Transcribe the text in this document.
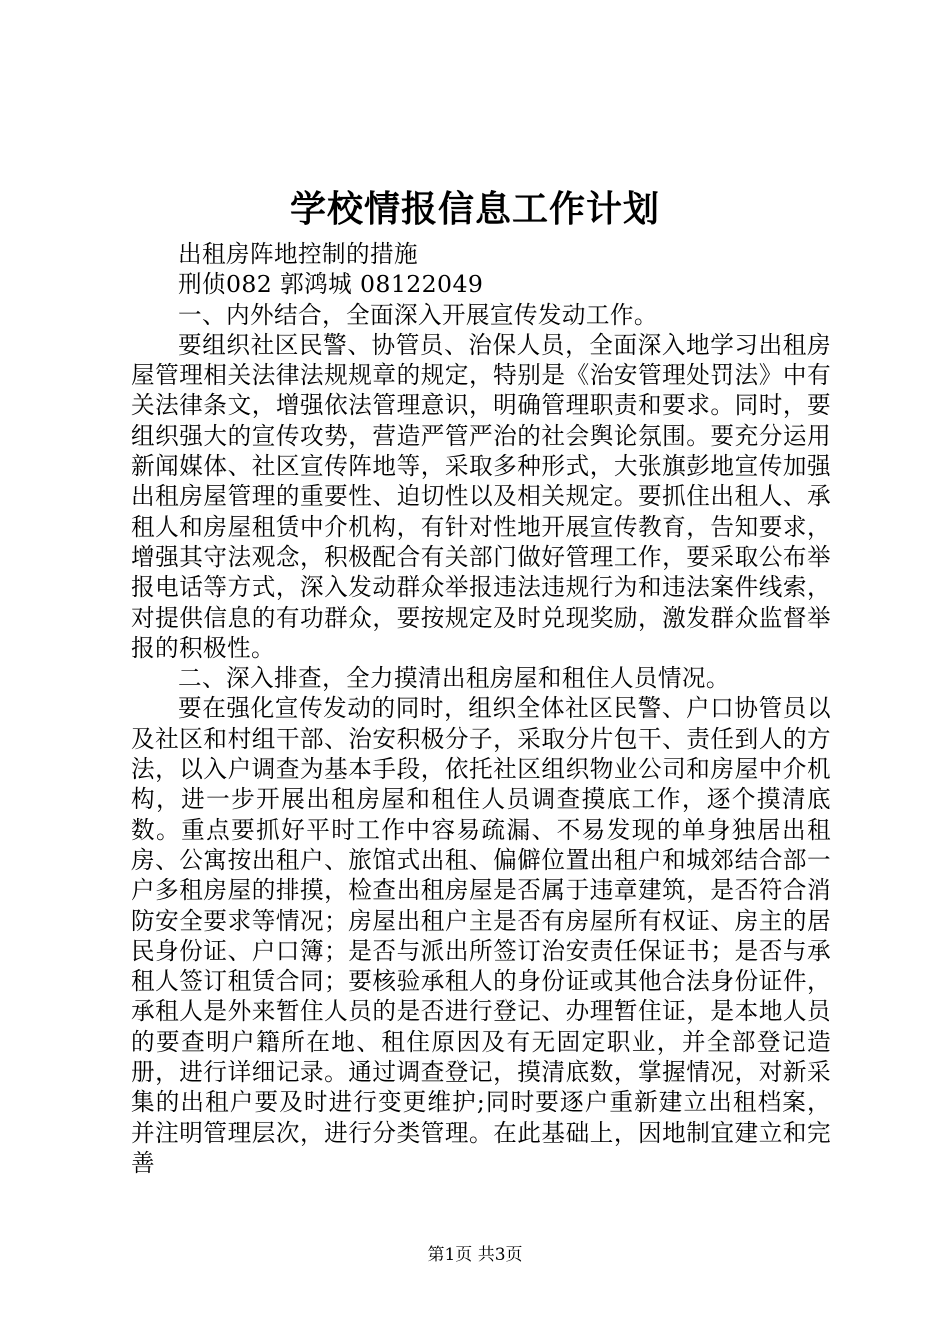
学校情报信息工作计划

出租房阵地控制的措施

刑侦082 郭鸿城 08122049

一、内外结合，全面深入开展宣传发动工作。

要组织社区民警、协管员、治保人员，全面深入地学习出租房屋管理相关法律法规规章的规定，特别是《治安管理处罚法》中有关法律条文，增强依法管理意识，明确管理职责和要求。同时，要组织强大的宣传攻势，营造严管严治的社会舆论氛围。要充分运用新闻媒体、社区宣传阵地等，采取多种形式，大张旗彭地宣传加强出租房屋管理的重要性、迫切性以及相关规定。要抓住出租人、承租人和房屋租赁中介机构，有针对性地开展宣传教育，告知要求，增强其守法观念，积极配合有关部门做好管理工作，要采取公布举报电话等方式，深入发动群众举报违法违规行为和违法案件线索，对提供信息的有功群众，要按规定及时兑现奖励，激发群众监督举报的积极性。

二、深入排查，全力摸清出租房屋和租住人员情况。

要在强化宣传发动的同时，组织全体社区民警、户口协管员以及社区和村组干部、治安积极分子，采取分片包干、责任到人的方法，以入户调查为基本手段，依托社区组织物业公司和房屋中介机构，进一步开展出租房屋和租住人员调查摸底工作，逐个摸清底数。重点要抓好平时工作中容易疏漏、不易发现的单身独居出租房、公寓按出租户、旅馆式出租、偏僻位置出租户和城郊结合部一户多租房屋的排摸，检查出租房屋是否属于违章建筑，是否符合消防安全要求等情况；房屋出租户主是否有房屋所有权证、房主的居民身份证、户口簿；是否与派出所签订治安责任保证书；是否与承租人签订租赁合同；要核验承租人的身份证或其他合法身份证件，承租人是外来暂住人员的是否进行登记、办理暂住证，是本地人员的要查明户籍所在地、租住原因及有无固定职业，并全部登记造册，进行详细记录。通过调查登记，摸清底数，掌握情况，对新采集的出租户要及时进行变更维护;同时要逐户重新建立出租档案，并注明管理层次，进行分类管理。在此基础上，因地制宜建立和完善

第1页 共3页
